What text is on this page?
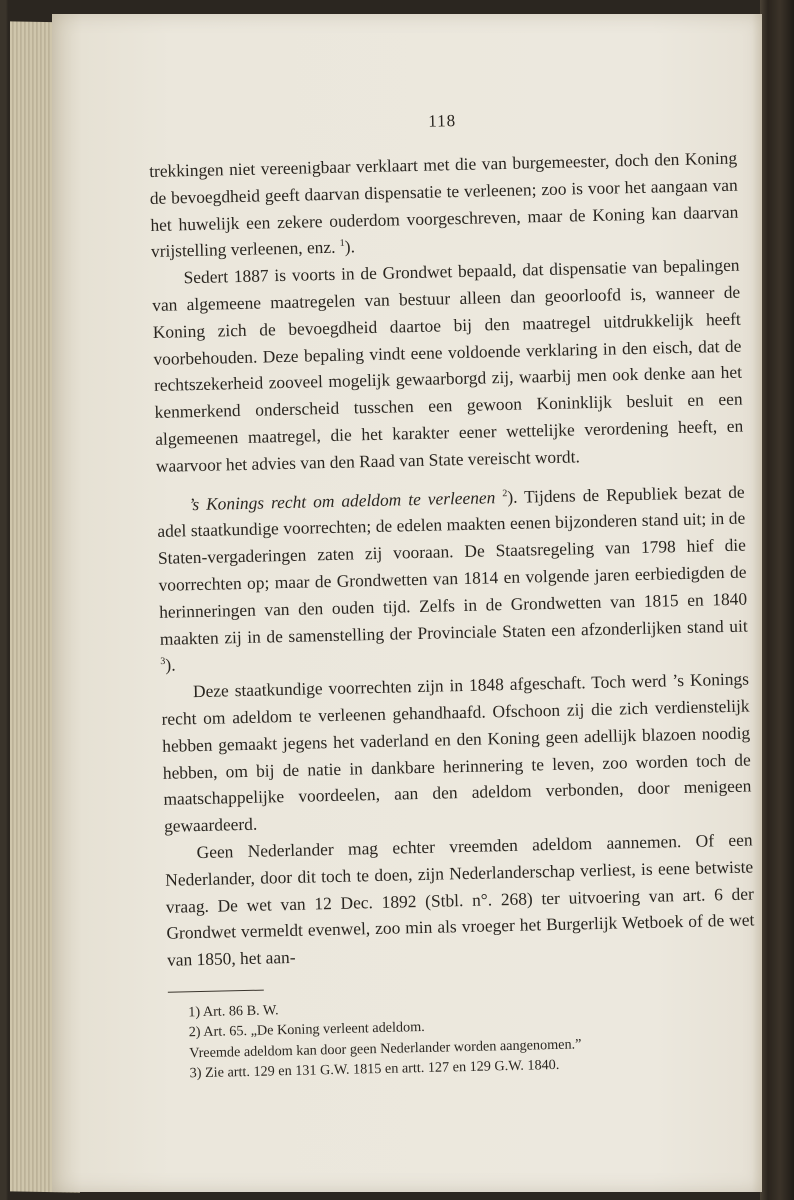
118

trekkingen niet vereenigbaar verklaart met die van burgemeester, doch den Koning de bevoegdheid geeft daarvan dispensatie te verleenen; zoo is voor het aangaan van het huwelijk een zekere ouderdom voorgeschreven, maar de Koning kan daarvan vrijstelling verleenen, enz. $^1$).

Sedert 1887 is voorts in de Grondwet bepaald, dat dispensatie van bepalingen van algemeene maatregelen van bestuur alleen dan geoorloofd is, wanneer de Koning zich de bevoegdheid daartoe bij den maatregel uitdrukkelijk heeft voorbehouden. Deze bepaling vindt eene voldoende verklaring in den eisch, dat de rechtszekerheid zooveel mogelijk gewaarborgd zij, waarbij men ook denke aan het kenmerkend onderscheid tusschen een gewoon Koninklijk besluit en een algemeenen maatregel, die het karakter eener wettelijke verordening heeft, en waarvoor het advies van den Raad van State vereischt wordt.

’s Konings recht om adeldom te verleenen $^2$). Tijdens de Republiek bezat de adel staatkundige voorrechten; de edelen maakten eenen bijzonderen stand uit; in de Staten-vergaderingen zaten zij vooraan. De Staatsregeling van 1798 hief die voorrechten op; maar de Grondwetten van 1814 en volgende jaren eerbiedigden de herinneringen van den ouden tijd. Zelfs in de Grondwetten van 1815 en 1840 maakten zij in de samenstelling der Provinciale Staten een afzonderlijken stand uit $^3$).

Deze staatkundige voorrechten zijn in 1848 afgeschaft. Toch werd ’s Konings recht om adeldom te verleenen gehandhaafd. Ofschoon zij die zich verdienstelijk hebben gemaakt jegens het vaderland en den Koning geen adellijk blazoen noodig hebben, om bij de natie in dankbare herinnering te leven, zoo worden toch de maatschappelijke voordeelen, aan den adeldom verbonden, door menigeen gewaardeerd.

Geen Nederlander mag echter vreemden adeldom aannemen. Of een Nederlander, door dit toch te doen, zijn Nederlanderschap verliest, is eene betwiste vraag. De wet van 12 Dec. 1892 (Stbl. n°. 268) ter uitvoering van art. 6 der Grondwet vermeldt evenwel, zoo min als vroeger het Burgerlijk Wetboek of de wet van 1850, het aan-

1) Art. 86 B. W.

2) Art. 65. „De Koning verleent adeldom.

Vreemde adeldom kan door geen Nederlander worden aangenomen.”

3) Zie artt. 129 en 131 G.W. 1815 en artt. 127 en 129 G.W. 1840.
